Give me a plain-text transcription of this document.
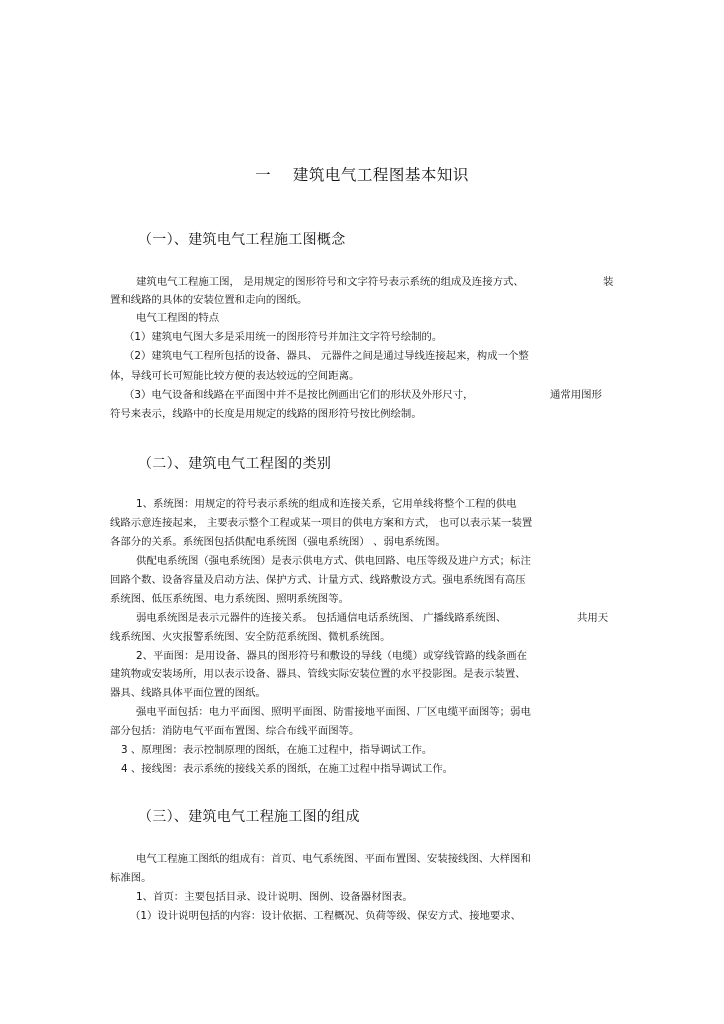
一    建筑电气工程图基本知识
（一）、建筑电气工程施工图概念
建筑电气工程施工图， 是用规定的图形符号和文字符号表示系统的组成及连接方式、	装
置和线路的具体的安装位置和走向的图纸。
电气工程图的特点
（1）建筑电气图大多是采用统一的图形符号并加注文字符号绘制的。
（2）建筑电气工程所包括的设备、器具、 元器件之间是通过导线连接起来，构成一个整
体，导线可长可短能比较方便的表达较远的空间距离。
（3）电气设备和线路在平面图中并不是按比例画出它们的形状及外形尺寸，	通常用图形
符号来表示，线路中的长度是用规定的线路的图形符号按比例绘制。
（二）、建筑电气工程图的类别
1、系统图：用规定的符号表示系统的组成和连接关系，它用单线将整个工程的供电
线路示意连接起来， 主要表示整个工程或某一项目的供电方案和方式， 也可以表示某一装置
各部分的关系。系统图包括供配电系统图（强电系统图） 、弱电系统图。
供配电系统图（强电系统图）是表示供电方式、供电回路、电压等级及进户方式；标注
回路个数、设备容量及启动方法、保护方式、计量方式、线路敷设方式。强电系统图有高压
系统图、低压系统图、电力系统图、照明系统图等。
弱电系统图是表示元器件的连接关系。 包括通信电话系统图、 广播线路系统图、	共用天
线系统图、火灾报警系统图、安全防范系统图、微机系统图。
2、平面图：是用设备、器具的图形符号和敷设的导线（电缆）或穿线管路的线条画在
建筑物或安装场所，用以表示设备、器具、管线实际安装位置的水平投影图。是表示装置、
器具、线路具体平面位置的图纸。
强电平面包括：电力平面图、照明平面图、防雷接地平面图、厂区电缆平面图等；弱电
部分包括：消防电气平面布置图、综合布线平面图等。
3 、原理图：表示控制原理的图纸，在施工过程中，指导调试工作。
4 、接线图：表示系统的接线关系的图纸，在施工过程中指导调试工作。
（三）、建筑电气工程施工图的组成
电气工程施工图纸的组成有：首页、电气系统图、平面布置图、安装接线图、大样图和
标准图。
1、首页：主要包括目录、设计说明、图例、设备器材图表。
（1）设计说明包括的内容：设计依据、工程概况、负荷等级、保安方式、接地要求、
